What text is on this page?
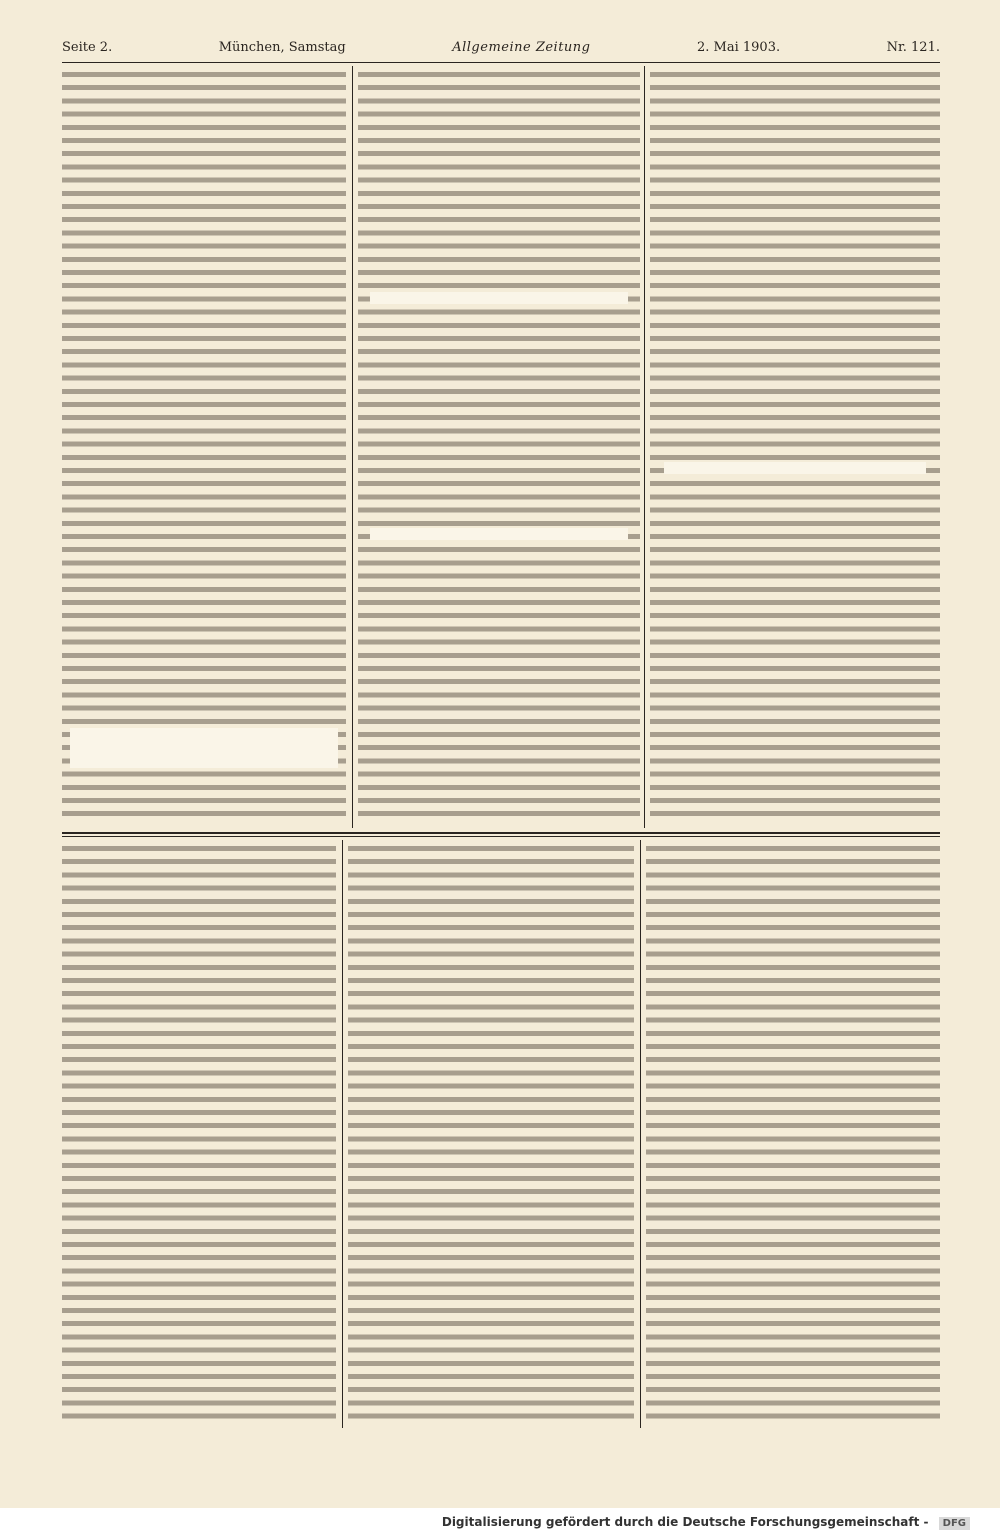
Seite 2.	München, Samstag	Allgemeine Zeitung	2. Mai 1903.	Nr. 121.
Digitalisierung gefördert durch die Deutsche Forschungsgemeinschaft - DFG
